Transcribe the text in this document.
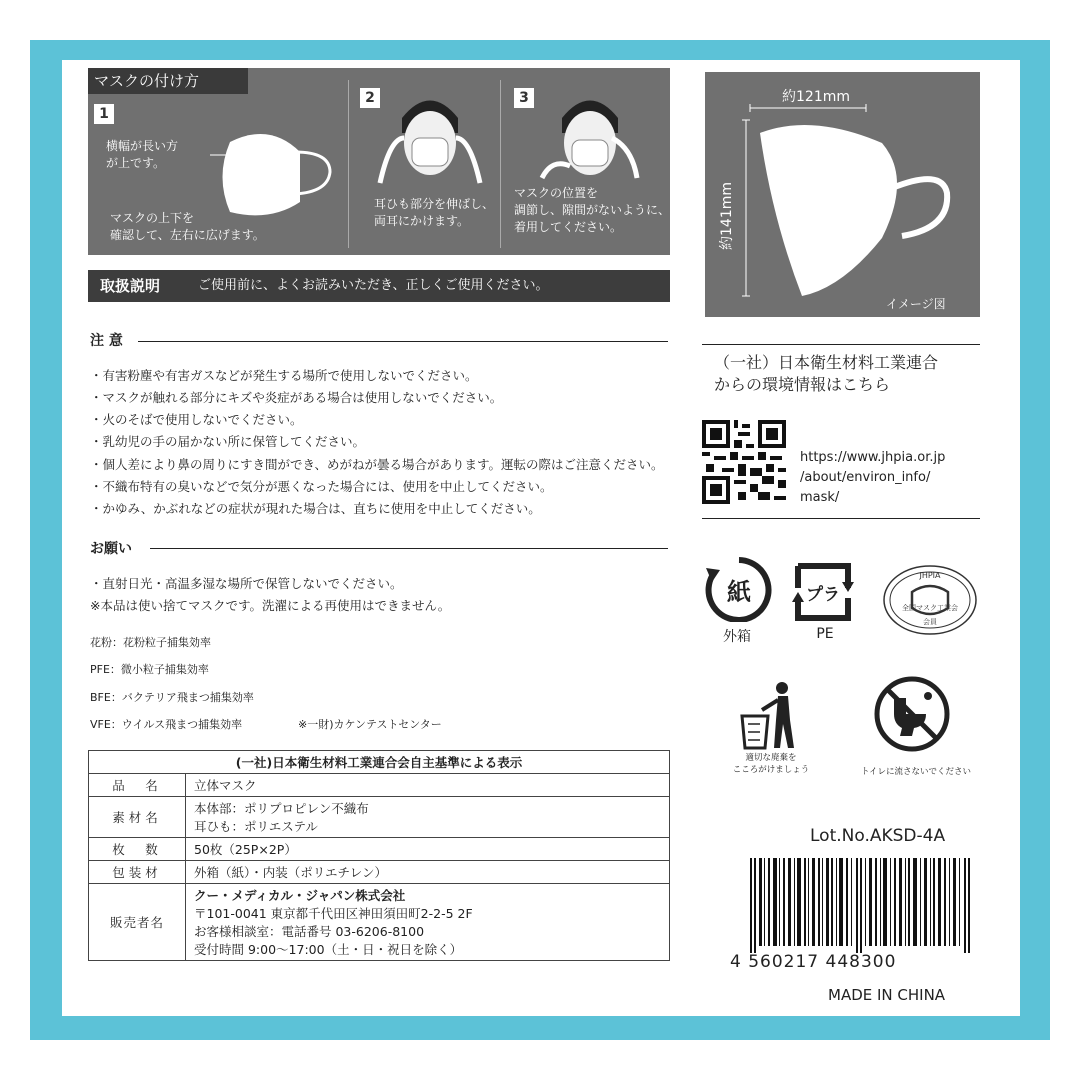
マスクの付け方
1
横幅が長い方
が上です。
マスクの上下を
確認して、左右に広げます。
2
耳ひも部分を伸ばし、
両耳にかけます。
3
マスクの位置を
調節し、隙間がないように、
着用してください。
取扱説明	ご使用前に、よくお読みいただき、正しくご使用ください。
注 意
・有害粉塵や有害ガスなどが発生する場所で使用しないでください。
・マスクが触れる部分にキズや炎症がある場合は使用しないでください。
・火のそばで使用しないでください。
・乳幼児の手の届かない所に保管してください。
・個人差により鼻の周りにすき間ができ、めがねが曇る場合があります。運転の際はご注意ください。
・不織布特有の臭いなどで気分が悪くなった場合には、使用を中止してください。
・かゆみ、かぶれなどの症状が現れた場合は、直ちに使用を中止してください。
お願い
・直射日光・高温多湿な場所で保管しないでください。
※本品は使い捨てマスクです。洗濯による再使用はできません。
花粉：花粉粒子捕集効率
PFE：微小粒子捕集効率
BFE：バクテリア飛まつ捕集効率
VFE：ウイルス飛まつ捕集効率	※一財)カケンテストセンター
(一社)日本衛生材料工業連合会自主基準による表示	
品　名	立体マスク
素材名	本体部：ポリプロピレン不織布
耳ひも：ポリエステル

枚　数	50枚（25P×2P）
包装材	外箱（紙）・内装（ポリエチレン）
販売者名	クー・メディカル・ジャパン株式会社
〒101-0041 東京都千代田区神田須田町2-2-5 2F
お客様相談室：電話番号 03-6206-8100
受付時間 9:00～17:00（土・日・祝日を除く）
約121mm
約141mm
イメージ図
（一社）日本衛生材料工業連合
からの環境情報はこちら
https://www.jhpia.or.jp
/about/environ_info/
mask/
紙
外箱
プラ
PE
JHPIA
全国マスク工業会
会員
適切な廃棄を
こころがけましょう	トイレに流さないでください
Lot.No.AKSD-4A
4 560217 448300
MADE IN CHINA
